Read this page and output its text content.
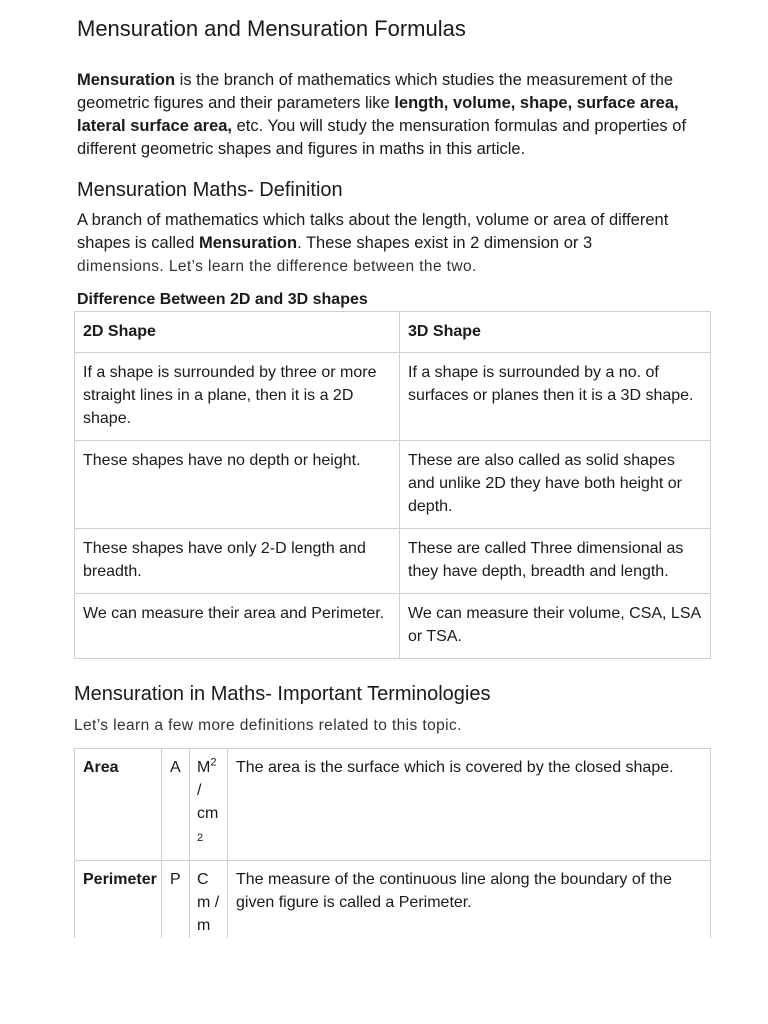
Mensuration and Mensuration Formulas

Mensuration is the branch of mathematics which studies the measurement of the geometric figures and their parameters like length, volume, shape, surface area, lateral surface area, etc. You will study the mensuration formulas and properties of different geometric shapes and figures in maths in this article.

Mensuration Maths- Definition

A branch of mathematics which talks about the length, volume or area of different shapes is called Mensuration. These shapes exist in 2 dimension or 3
dimensions. Let’s learn the difference between the two.

Difference Between 2D and 3D shapes

2D Shape	3D Shape
If a shape is surrounded by three or more straight lines in a plane, then it is a 2D shape.	If a shape is surrounded by a no. of surfaces or planes then it is a 3D shape.
These shapes have no depth or height.	These are also called as solid shapes and unlike 2D they have both height or depth.
These shapes have only 2-D length and breadth.	These are called Three dimensional as they have depth, breadth and length.
We can measure their area and Perimeter.	We can measure their volume, CSA, LSA or TSA.
Mensuration in Maths- Important Terminologies

Let’s learn a few more definitions related to this topic.

Area	A	$M^2$
/
cm
2	The area is the surface which is covered by the closed shape.
Perimeter	P	C
m /
m	The measure of the continuous line along the boundary of the given figure is called a Perimeter.
